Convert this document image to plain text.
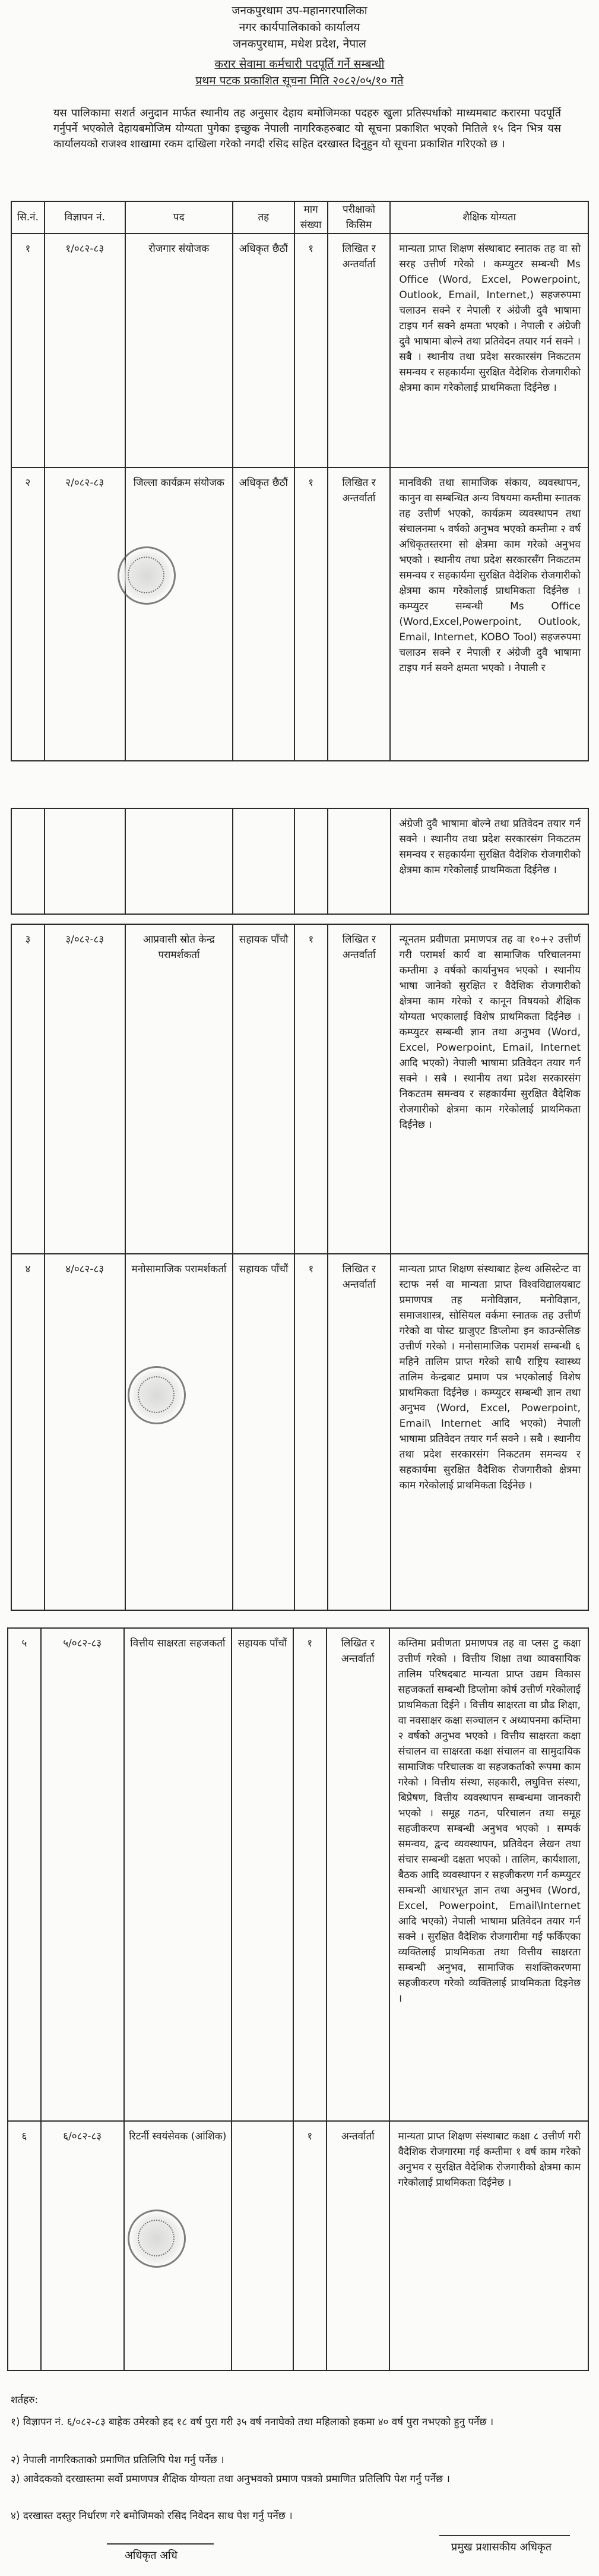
जनकपुरधाम उप-महानगरपालिका
नगर कार्यपालिकाको कार्यालय
जनकपुरधाम, मधेश प्रदेश, नेपाल
करार सेवामा कर्मचारी पदपूर्ति गर्ने सम्बन्धी
प्रथम पटक प्रकाशित सूचना मिति २०८२/०५/१० गते
यस पालिकामा सशर्त अनुदान मार्फत स्थानीय तह अनुसार देहाय बमोजिमका पदहरु खुला प्रतिस्पर्धाको माध्यमबाट करारमा पदपूर्ति गर्नुपर्ने भएकोले देहायबमोजिम योग्यता पुगेका इच्छुक नेपाली नागरिकहरुबाट यो सूचना प्रकाशित भएको मितिले १५ दिन भित्र यस कार्यालयको राजश्व शाखामा रकम दाखिला गरेको नगदी रसिद सहित दरखास्त दिनुहुन यो सूचना प्रकाशित गरिएको छ ।
सि.नं.	विज्ञापन नं.	पद	तह	माग संख्या	परीक्षाको किसिम	शैक्षिक योग्यता
१	१/०८२-८३	रोजगार संयोजक	अधिकृत छैठौं	१	लिखित र अन्तर्वार्ता	मान्यता प्राप्त शिक्षण संस्थाबाट स्नातक तह वा सो सरह उत्तीर्ण गरेको । कम्प्युटर सम्बन्धी Ms Office (Word, Excel, Powerpoint, Outlook, Email, Internet,) सहजरुपमा चलाउन सक्ने र नेपाली र अंग्रेजी दुवै भाषामा टाइप गर्न सक्ने क्षमता भएको । नेपाली र अंग्रेजी दुवै भाषामा बोल्ने तथा प्रतिवेदन तयार गर्न सक्ने । सबै । स्थानीय तथा प्रदेश सरकारसंग निकटतम समन्वय र सहकार्यमा सुरक्षित वैदेशिक रोजगारीको क्षेत्रमा काम गरेकोलाई प्राथमिकता दिईनेछ ।
२	२/०८२-८३	जिल्ला कार्यक्रम संयोजक	अधिकृत छैठौं	१	लिखित र अन्तर्वार्ता	मानविकी तथा सामाजिक संकाय, व्यवस्थापन, कानुन वा सम्बन्धित अन्य विषयमा कम्तीमा स्नातक तह उत्तीर्ण भएको, कार्यक्रम व्यवस्थापन तथा संचालनमा ५ वर्षको अनुभव भएको कम्तीमा २ वर्ष अधिकृतस्तरमा सो क्षेत्रमा काम गरेको अनुभव भएको । स्थानीय तथा प्रदेश सरकारसँग निकटतम समन्वय र सहकार्यमा सुरक्षित वैदेशिक रोजगारीको क्षेत्रमा काम गरेकोलाई प्राथमिकता दिईनेछ । कम्प्युटर सम्बन्धी Ms Office (Word,Excel,Powerpoint, Outlook, Email, Internet, KOBO Tool) सहजरुपमा चलाउन सक्ने र नेपाली र अंग्रेजी दुवै भाषामा टाइप गर्न सक्ने क्षमता भएको । नेपाली र
						अंग्रेजी दुवै भाषामा बोल्ने तथा प्रतिवेदन तयार गर्न सक्ने । स्थानीय तथा प्रदेश सरकारसंग निकटतम समन्वय र सहकार्यमा सुरक्षित वैदेशिक रोजगारीको क्षेत्रमा काम गरेकोलाई प्राथमिकता दिईनेछ ।
३	३/०८२-८३	आप्रवासी स्रोत केन्द्र परामर्शकर्ता	सहायक पाँचौ	१	लिखित र अन्तर्वार्ता	न्यूनतम प्रवीणता प्रमाणपत्र तह वा १०+२ उत्तीर्ण गरी परामर्श कार्य वा सामाजिक परिचालनमा कम्तीमा ३ वर्षको कार्यानुभव भएको । स्थानीय भाषा जानेको सुरक्षित र वैदेशिक रोजगारीको क्षेत्रमा काम गरेको र कानून विषयको शैक्षिक योग्यता भएकालाई विशेष प्राथमिकता दिईनेछ । कम्प्युटर सम्बन्धी ज्ञान तथा अनुभव (Word, Excel, Powerpoint, Email, Internet आदि भएको) नेपाली भाषामा प्रतिवेदन तयार गर्न सक्ने । सबै । स्थानीय तथा प्रदेश सरकारसंग निकटतम समन्वय र सहकार्यमा सुरक्षित वैदेशिक रोजगारीको क्षेत्रमा काम गरेकोलाई प्राथमिकता दिईनेछ ।
४	४/०८२-८३	मनोसामाजिक परामर्शकर्ता	सहायक पाँचौं	१	लिखित र अन्तर्वार्ता	मान्यता प्राप्त शिक्षण संस्थाबाट हेल्थ असिस्टेन्ट वा स्टाफ नर्स वा मान्यता प्राप्त विश्वविद्यालयबाट प्रमाणपत्र तह मनोविज्ञान, मनोविज्ञान, समाजशास्त्र, सोसियल वर्कमा स्नातक तह उत्तीर्ण गरेको वा पोस्ट ग्राजुएट डिप्लोमा इन काउन्सेलिङ उत्तीर्ण गरेको । मनोसामाजिक परामर्श सम्बन्धी ६ महिने तालिम प्राप्त गरेको साथै राष्ट्रिय स्वास्थ्य तालिम केन्द्रबाट प्रमाण पत्र भएकोलाई विशेष प्राथमिकता दिईनेछ । कम्प्युटर सम्बन्धी ज्ञान तथा अनुभव (Word, Excel, Powerpoint, Email\ Internet आदि भएको) नेपाली भाषामा प्रतिवेदन तयार गर्न सक्ने । सबै । स्थानीय तथा प्रदेश सरकारसंग निकटतम समन्वय र सहकार्यमा सुरक्षित वैदेशिक रोजगारीको क्षेत्रमा काम गरेकोलाई प्राथमिकता दिईनेछ ।
५	५/०८२-८३	वित्तीय साक्षरता सहजकर्ता	सहायक पाँचौं	१	लिखित र अन्तर्वार्ता	कम्तिमा प्रवीणता प्रमाणपत्र तह वा प्लस टु कक्षा उत्तीर्ण गरेको । वित्तीय शिक्षा तथा व्यावसायिक तालिम परिषदबाट मान्यता प्राप्त उद्यम विकास सहजकर्ता सम्बन्धी डिप्लोमा कोर्ष उत्तीर्ण गरेकोलाई प्राथमिकता दिईने । वित्तीय साक्षरता वा प्रौढ शिक्षा, वा नवसाक्षर कक्षा सञ्चालन र अध्यापनमा कम्तिमा २ वर्षको अनुभव भएको । वित्तीय साक्षरता कक्षा संचालन वा साक्षरता कक्षा संचालन वा सामुदायिक सामाजिक परिचालक वा सहजकर्ताको रूपमा काम गरेको । वित्तीय संस्था, सहकारी, लघुवित्त संस्था, बिप्रेषण, वित्तीय व्यवस्थापन सम्बन्धमा जानकारी भएको । समूह गठन, परिचालन तथा समूह सहजीकरण सम्बन्धी अनुभव भएको । सम्पर्क समन्वय, द्वन्द व्यवस्थापन, प्रतिवेदन लेखन तथा संचार सम्बन्धी दक्षता भएको । तालिम, कार्यशाला, बैठक आदि व्यवस्थापन र सहजीकरण गर्न कम्प्युटर सम्बन्धी आधारभूत ज्ञान तथा अनुभव (Word, Excel, Powerpoint, Email\Internet आदि भएको) नेपाली भाषामा प्रतिवेदन तयार गर्न सक्ने । सुरक्षित वैदेशिक रोजगारीमा गई फर्किएका व्यक्तिलाई प्राथमिकता तथा वित्तीय साक्षरता सम्बन्धी अनुभव, सामाजिक सशक्तिकरणमा सहजीकरण गरेको व्यक्तिलाई प्राथमिकता दिइनेछ ।
६	६/०८२-८३	रिटर्नी स्वयंसेवक (आंशिक)		१	अन्तर्वार्ता	मान्यता प्राप्त शिक्षण संस्थाबाट कक्षा ८ उत्तीर्ण गरी वैदेशिक रोजगारमा गई कम्तीमा १ वर्ष काम गरेको अनुभव र सुरक्षित वैदेशिक रोजगारीको क्षेत्रमा काम गरेकोलाई प्राथमिकता दिईनेछ ।
शर्तहरु:
१) विज्ञापन नं. ६/०८२-८३ बाहेक उमेरको हद १८ वर्ष पुरा गरी ३५ वर्ष ननाघेको तथा महिलाको हकमा ४० वर्ष पुरा नभएको हुनु पर्नेछ ।
२) नेपाली नागरिकताको प्रमाणित प्रतिलिपि पेश गर्नु पर्नेछ ।
३) आवेदकको दरखास्तमा सर्वो प्रमाणपत्र शैक्षिक योग्यता तथा अनुभवको प्रमाण पत्रको प्रमाणित प्रतिलिपि पेश गर्नु पर्नेछ ।
४) दरखास्त दस्तुर निर्धारण गरे बमोजिमको रसिद निवेदन साथ पेश गर्नु पर्नेछ ।
अधिकृत अधि
प्रमुख प्रशासकीय अधिकृत
